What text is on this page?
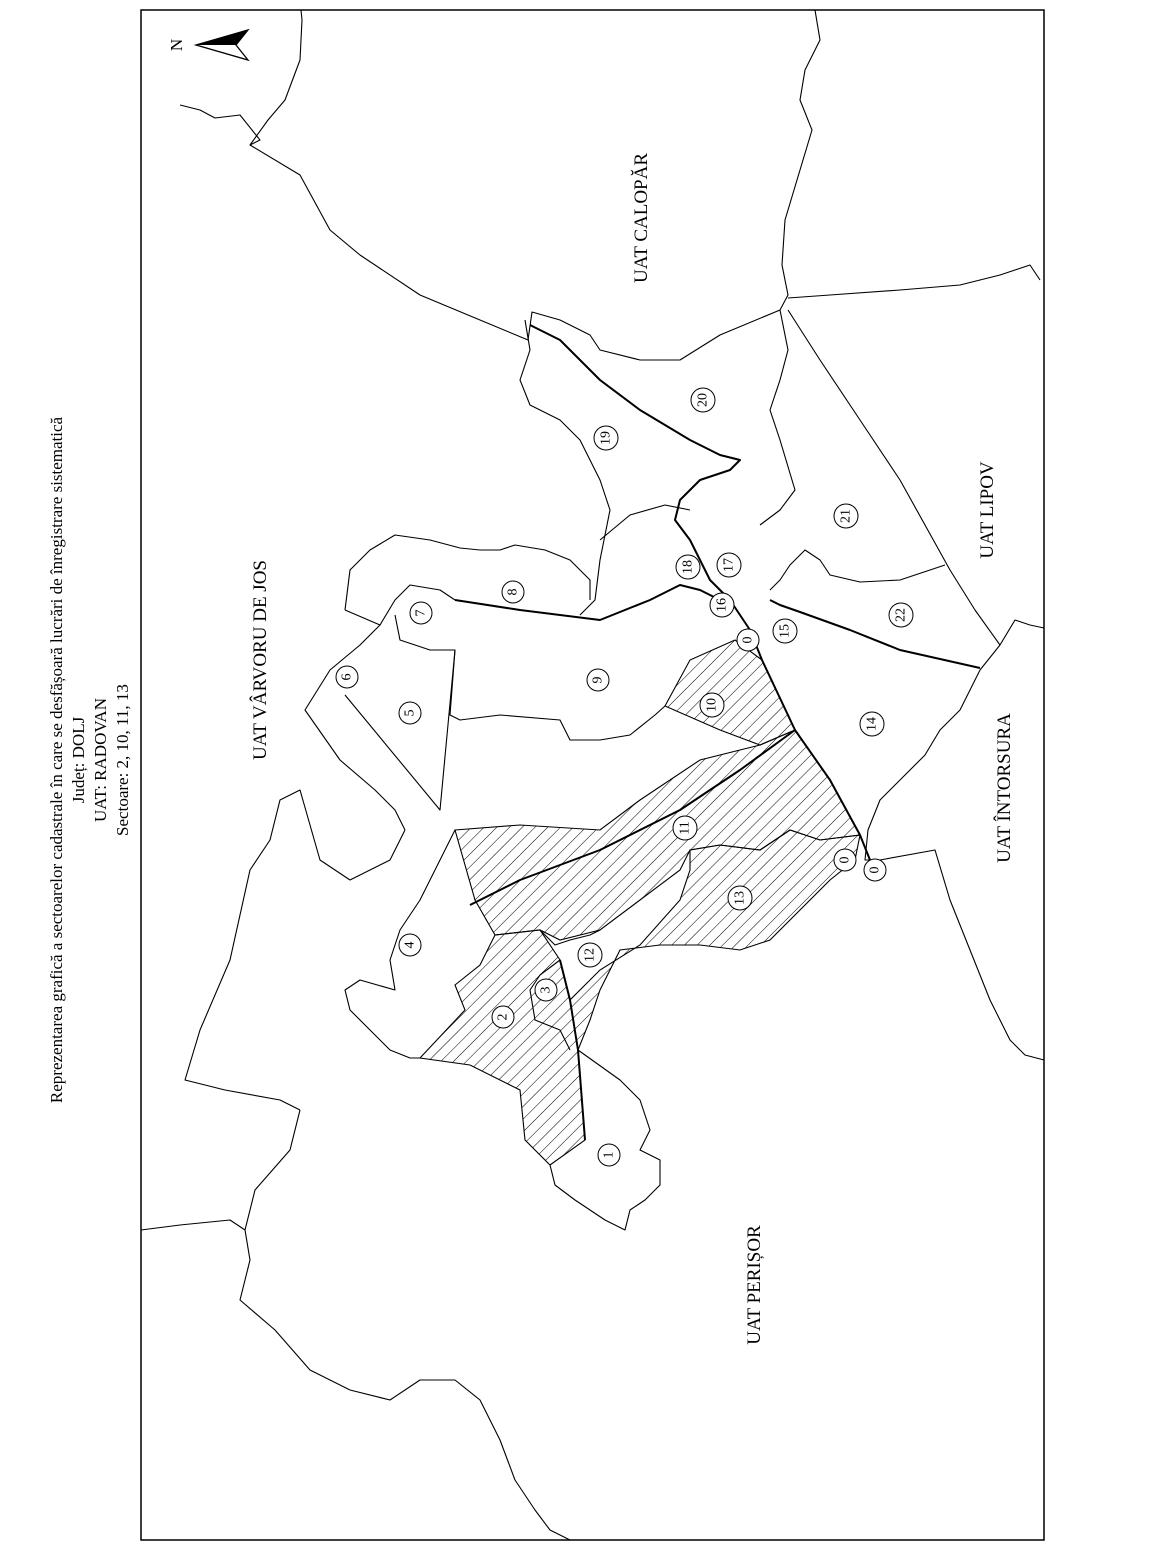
Reprezentarea grafică a sectoarelor cadastrale în care se desfășoară lucrări de înregistrare sistematică Județ: DOLJ UAT: RADOVAN Sectoare: 2, 10, 11, 13
N
UAT CALOPĂR
UAT VÂRVORU DE JOS
UAT LIPOV
UAT ÎNTORSURA
UAT PERIȘOR
0
0
0
1
2
3
4
5
6
7
8
9
10
11
12
13
14
15
16
17
18
19
20
21
22
